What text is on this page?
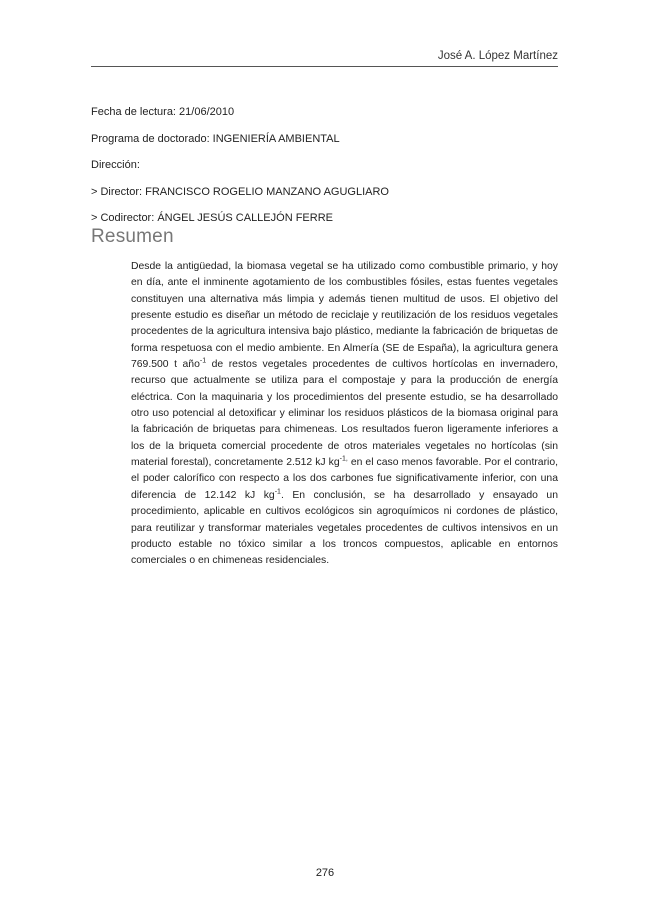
José A. López Martínez
Fecha de lectura: 21/06/2010
Programa de doctorado: INGENIERÍA AMBIENTAL
Dirección:
> Director: FRANCISCO ROGELIO MANZANO AGUGLIARO
> Codirector: ÁNGEL JESÚS CALLEJÓN FERRE
Resumen

Desde la antigüedad, la biomasa vegetal se ha utilizado como combustible primario, y hoy en día, ante el inminente agotamiento de los combustibles fósiles, estas fuentes vegetales constituyen una alternativa más limpia y además tienen multitud de usos. El objetivo del presente estudio es diseñar un método de reciclaje y reutilización de los residuos vegetales procedentes de la agricultura intensiva bajo plástico, mediante la fabricación de briquetas de forma respetuosa con el medio ambiente. En Almería (SE de España), la agricultura genera 769.500 t año$^{-1}$ de restos vegetales procedentes de cultivos hortícolas en invernadero, recurso que actualmente se utiliza para el compostaje y para la producción de energía eléctrica. Con la maquinaria y los procedimientos del presente estudio, se ha desarrollado otro uso potencial al detoxificar y eliminar los residuos plásticos de la biomasa original para la fabricación de briquetas para chimeneas. Los resultados fueron ligeramente inferiores a los de la briqueta comercial procedente de otros materiales vegetales no hortícolas (sin material forestal), concretamente 2.512 kJ $kg^{-1,}$ en el caso menos favorable. Por el contrario, el poder calorífico con respecto a los dos carbones fue significativamente inferior, con una diferencia de 12.142 kJ $kg^{-1}$. En conclusión, se ha desarrollado y ensayado un procedimiento, aplicable en cultivos ecológicos sin agroquímicos ni cordones de plástico, para reutilizar y transformar materiales vegetales procedentes de cultivos intensivos en un producto estable no tóxico similar a los troncos compuestos, aplicable en entornos comerciales o en chimeneas residenciales.

276
